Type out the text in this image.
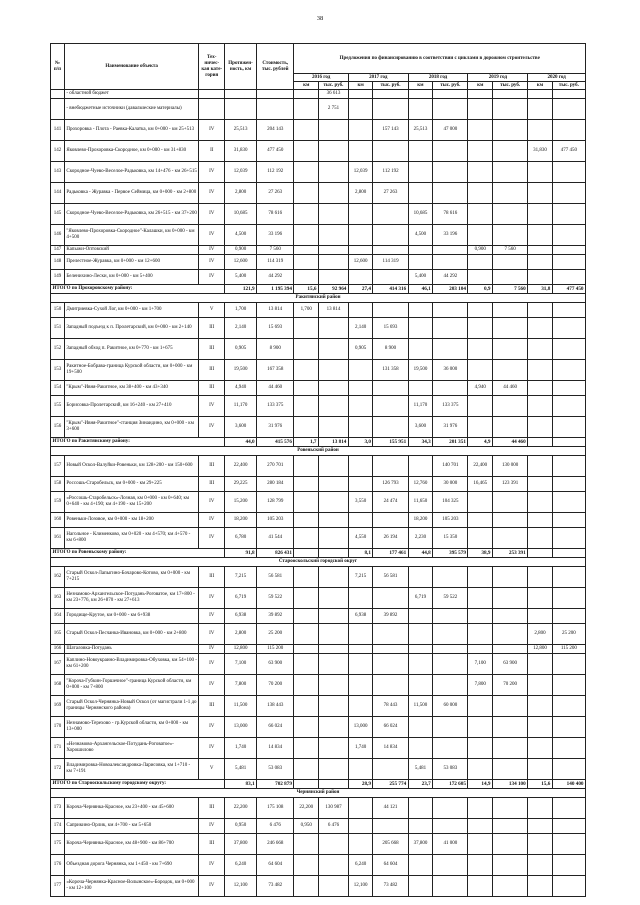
38
№ п/п	Наименование объекта	Тех-ничес-кая кате-гория	Протяжен-ность, км	Стоимость, тыс. рублей	Предложения по финансированию в соответствии с циклами в дорожном строительстве									
					2016 год		2017 год		2018 год		2019 год		2020 год	
					км	тыс. руб.	км	тыс. руб.	км	тыс. руб.	км	тыс. руб.	км	тыс. руб.
	- областной бюджет					36 613								
	- внебюджетные источники (давальческие материалы)					2 751								
141	Прохоровка - Плота - Раевка-Калатка, км 0+000 - км 25+513	IV	25,513	204 143				157 143	25,513	47 000				
142	Яковлево-Прохоровка-Скородное, км 0+000 - км 31+830	II	31,830	477 450									31,830	477 450
143	Скородное-Чуево-Веселое-Радьковка, км 14+476 - км 26+515	IV	12,039	112 192			12,039	112 192						
144	Радьковка - Журавка - Первое Сеймица, км 0+000 - км 2+800	IV	2,800	27 263			2,800	27 263						
145	Скородное-Чуево-Веселое-Радьковка, км 26+515 - км 37+200	IV	10,685	78 616					10,685	78 616				
146	"Яковлево-Прохоровка-Скородное"-Калашки, км 0+000 - км 4+500	IV	4,500	33 196					4,500	33 196				
147	Капыжи-Оптовский	IV	0,900	7 560							0,900	7 560		
148	Прелестное-Журавка, км 0+000 - км 12+600	IV	12,600	114 319			12,600	114 319						
149	Беленихино-Лески, км 0+000 - км 5+400	IV	5,400	44 292					5,400	44 292				
ИТОГО по Прохоровскому району:			121,9	1 195 394	15,6	92 964	27,4	414 316	46,1	203 104	0,9	7 560	31,8	477 450
Ракитянский район														
150	Дмитриевка-Сухой Лог, км 0+000 - км 1+700	V	1,700	13 814	1,700	13 814								
151	Западный подъезд к п. Пролетарский, км 0+000 - км 2+140	III	2,140	15 693			2,140	15 693						
152	Западный обход п. Ракитное, км 0+770 - км 1+675	III	0,905	8 900			0,905	8 900						
153	Ракитное-Бобрава-граница Курской области, км 0+000 - км 19+500	III	19,500	167 358				131 358	19,500	36 000				
154	"Крым"-Ивня-Ракитное, км 38+400 - км 43+340	III	4,940	44 460							4,940	44 460		
155	Борисовка-Пролетарский, км 16+240 - км 27+410	IV	11,170	133 375					11,170	133 375				
156	"Крым"-Ивня-Ракитное"-станция Зинаидино, км 0+000 - км 3+600	IV	3,600	31 976					3,600	31 976				
ИТОГО по Ракитянскому району:			44,0	415 576	1,7	13 814	3,0	155 951	34,3	201 351	4,9	44 460		
Ровеньский район														
157	Новый Оскол-Валуйки-Ровеньки, км 128+200 - км 150+600	III	22,400	270 701						140 701	22,400	130 000		
158	Россошь-Старобельск, км 0+000 - км 29+225	III	29,225	280 184				126 793	12,760	30 000	16,465	123 391		
159	«Россошь-Старобельск»-Лозная, км 0+000 - км 0+640; км 0+640 - км 4+190; км 4+190 - км 15+200	IV	15,200	128 799			3,550	24 474	11,650	104 325				
160	Ровеньки-Лозовое, км 0+000 - км 18+200	IV	18,200	105 203					18,200	105 203				
161	Нагольное - Клименково, км 0+020 - км 4+570; км 4+570 - км 6+800	IV	6,780	41 544			4,550	26 194	2,230	15 350				
ИТОГО по Ровеньскому району:			91,8	826 431			8,1	177 461	44,8	395 579	38,9	253 391		
Старооскольский городской округ														
162	Старый Оскол-Лапыгино-Бочарово-Котово, км 0+000 - км 7+215	III	7,215	56 581			7,215	56 581						
163	Незнамово-Архангельское-Потудань-Роговатое, км 17+800 - км 23+776, км 26+870 - км 27+613	IV	6,719	59 522					6,719	59 522				
164	Городище-Крутое, км 0+000 - км 6+938	IV	6,938	39 892			6,938	39 892						
165	Старый Оскол-Песчанка-Ивановка, км 0+000 - км 2+800	IV	2,800	25 200									2,800	25 200
166	Шаталовка-Потудань	IV	12,800	115 200									12,800	115 200
167	Каплино-Новоукраино-Владимировка-Обуховка, км 54+100 - км 61+200	IV	7,100	63 900							7,100	63 900		
168	"Короча-Губкин-Горшечное"-граница Курской области, км 0+000 - км 7+800	IV	7,800	70 200							7,800	70 200		
169	Старый Оскол-Чернянка-Новый Оскол (от магистрали 1-1 до границы Чернянского района)	III	11,500	138 443				78 443	11,500	60 000				
170	Незнамово-Терехово - гр.Курской области, км 0+000 - км 13+000	IV	13,000	66 024			13,000	66 024						
171	«Незнамово-Архангельское-Потудань-Роговатое»-Хорошилово	IV	1,740	14 834			1,740	14 834						
172	Владимировка-Новоалександровка-Ларисовка, км 1+710 - км 7+191	V	5,481	53 083					5,481	53 083				
ИТОГО по Старооскольскому городскому округу:			83,1	702 879			28,9	255 774	23,7	172 605	14,9	134 100	15,6	140 400
Чернянский район														
173	Короча-Чернянка-Красное, км 23+400 - км 45+600	III	22,200	175 108	22,200	130 987		44 121						
174	Саприкино-Орлик, км 4+700 - км 5+650	IV	0,950	6 476	0,950	6 476								
175	Короча-Чернянка-Красное, км 48+900 - км 86+700	III	37,800	246 668				205 668	37,800	41 000				
176	Объездная дорога Чернянка, км 1+450 - км 7+690	IV	6,240	64 604			6,240	64 604						
177	«Короча-Чернянка-Красное-Волынское»-Бородок, км 0+000 - км 12+100	IV	12,100	73 482			12,100	73 482						
